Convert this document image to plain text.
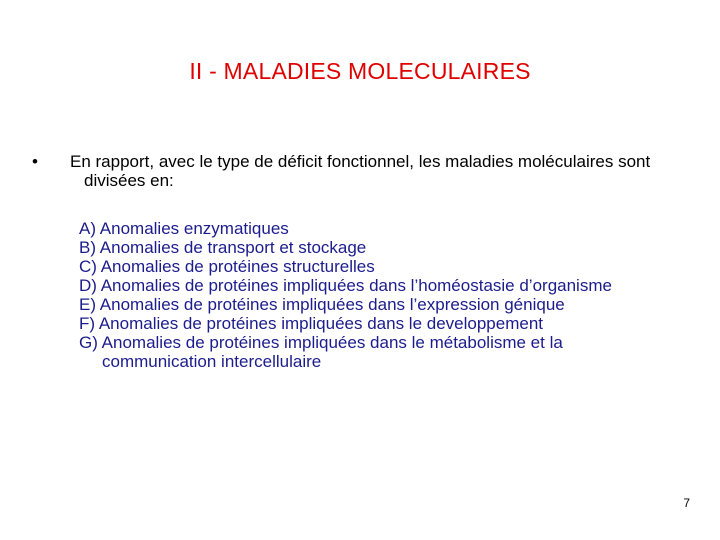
II - MALADIES MOLECULAIRES
• En rapport, avec le type de déficit fonctionnel, les maladies moléculaires sont divisées en:
A) Anomalies enzymatiques
B) Anomalies de transport et stockage
C) Anomalies de protéines structurelles
D) Anomalies de protéines impliquées dans l’homéostasie d’organisme
E) Anomalies de protéines impliquées dans l’expression génique
F) Anomalies de protéines impliquées dans le developpement
G) Anomalies de protéines impliquées dans le métabolisme et la communication intercellulaire
7
